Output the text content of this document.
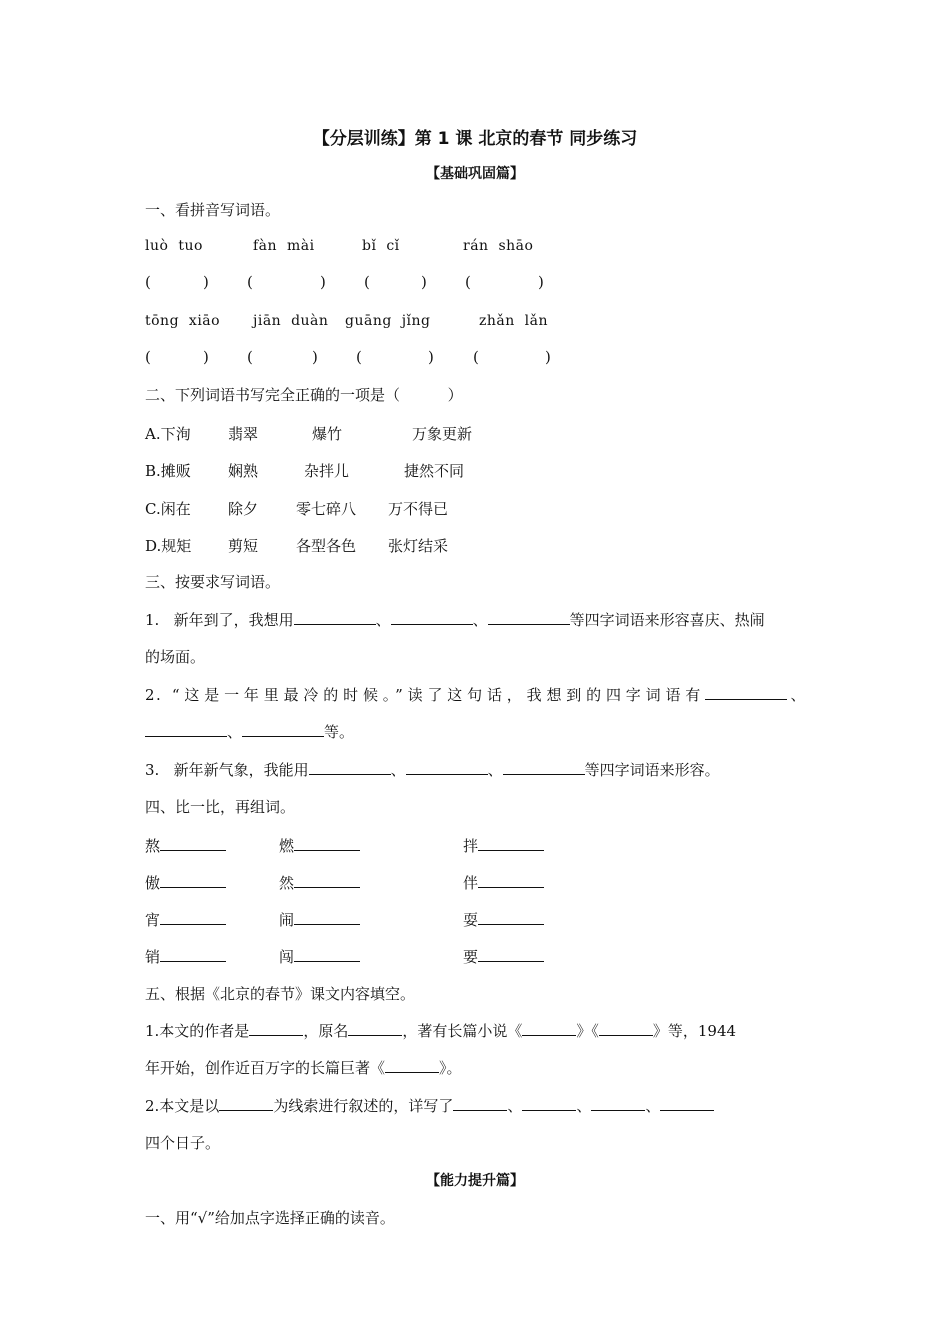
【分层训练】第 1 课 北京的春节 同步练习
【基础巩固篇】
一、看拼音写词语。
luò  tuo	fàn  mài	bǐ  cǐ	rán  shāo
(	)	(	)	(	)	(	)
tōng  xiāo jiān  duàn guāng  jǐng	zhǎn  lǎn
(	)	(	)	(	)	(	)
二、下列词语书写完全正确的一项是（          ）
A.下洵 翡翠	爆竹	万象更新
B.摊贩 娴熟	杂拌儿	捷然不同
C.闲在 除夕	零七碎八 万不得已
D.规矩 剪短	各型各色 张灯结采
三、按要求写词语。
1.   新年到了，我想用	、	、	等四字词语来形容喜庆、热闹
的场面。
2. “这是一年里最冷的时候。”读了这句话，我想到的四字词语有	、
、	等。
3.   新年新气象，我能用	、	、	等四字词语来形容。
四、比一比，再组词。
熬	燃	拌
傲	然	伴
宵	闹	耍
销	闯	要
五、根据《北京的春节》课文内容填空。
1.本文的作者是	，原名	，著有长篇小说《	》《	》等，1944
年开始，创作近百万字的长篇巨著《	》。
2.本文是以	为线索进行叙述的，详写了	、	、	、
四个日子。
【能力提升篇】
一、用“√”给加点字选择正确的读音。
